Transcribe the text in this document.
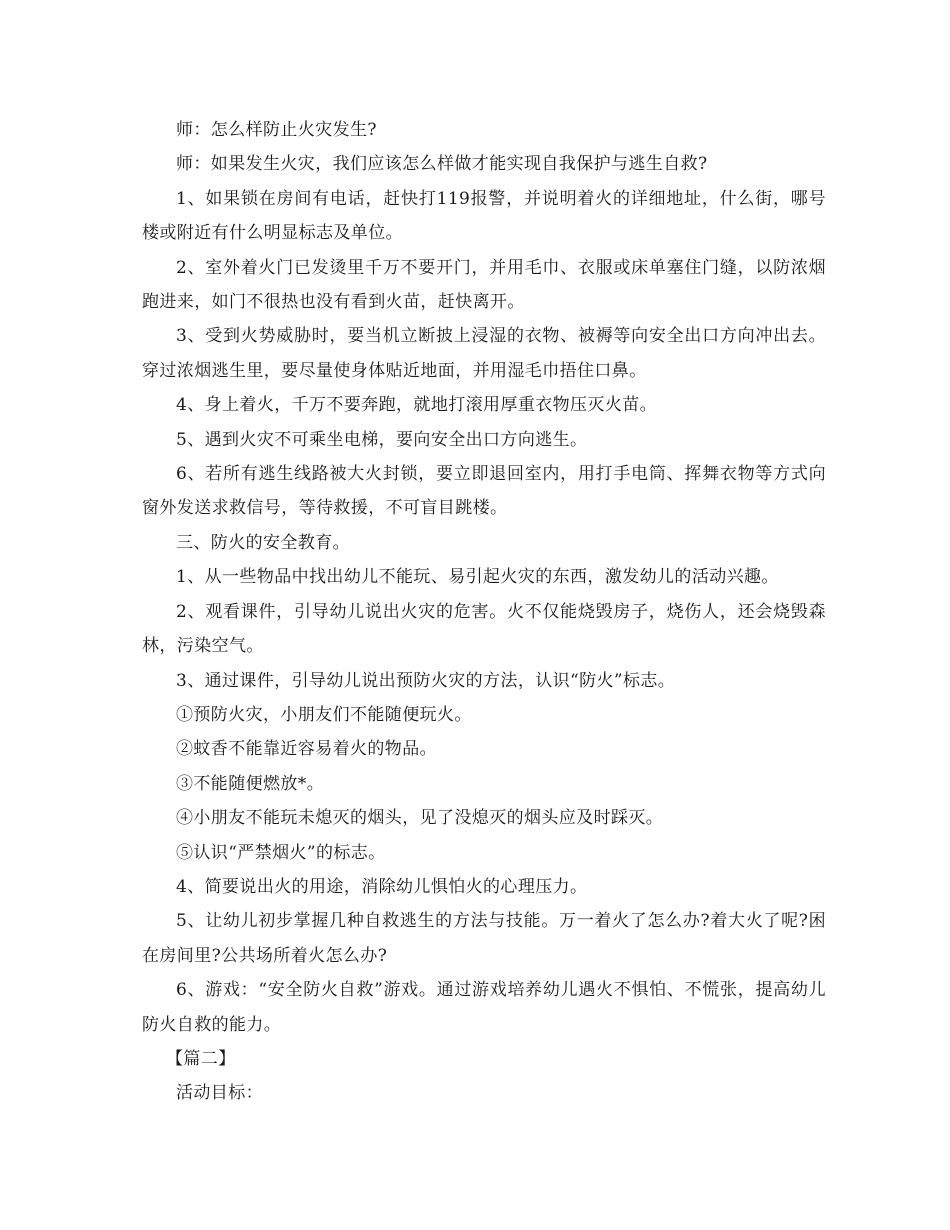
师：怎么样防止火灾发生?

师：如果发生火灾，我们应该怎么样做才能实现自我保护与逃生自救?

1、如果锁在房间有电话，赶快打119报警，并说明着火的详细地址，什么街，哪号楼或附近有什么明显标志及单位。

2、室外着火门已发烫里千万不要开门，并用毛巾、衣服或床单塞住门缝，以防浓烟跑进来，如门不很热也没有看到火苗，赶快离开。

3、受到火势威胁时，要当机立断披上浸湿的衣物、被褥等向安全出口方向冲出去。穿过浓烟逃生里，要尽量使身体贴近地面，并用湿毛巾捂住口鼻。

4、身上着火，千万不要奔跑，就地打滚用厚重衣物压灭火苗。

5、遇到火灾不可乘坐电梯，要向安全出口方向逃生。

6、若所有逃生线路被大火封锁，要立即退回室内，用打手电筒、挥舞衣物等方式向窗外发送求救信号，等待救援，不可盲目跳楼。

三、防火的安全教育。

1、从一些物品中找出幼儿不能玩、易引起火灾的东西，激发幼儿的活动兴趣。

2、观看课件，引导幼儿说出火灾的危害。火不仅能烧毁房子，烧伤人，还会烧毁森林，污染空气。

3、通过课件，引导幼儿说出预防火灾的方法，认识“防火”标志。

①预防火灾，小朋友们不能随便玩火。

②蚊香不能靠近容易着火的物品。

③不能随便燃放*。

④小朋友不能玩未熄灭的烟头，见了没熄灭的烟头应及时踩灭。

⑤认识“严禁烟火”的标志。

4、简要说出火的用途，消除幼儿惧怕火的心理压力。

5、让幼儿初步掌握几种自救逃生的方法与技能。万一着火了怎么办?着大火了呢?困在房间里?公共场所着火怎么办?

6、游戏：“安全防火自救”游戏。通过游戏培养幼儿遇火不惧怕、不慌张，提高幼儿防火自救的能力。

【篇二】

活动目标：
